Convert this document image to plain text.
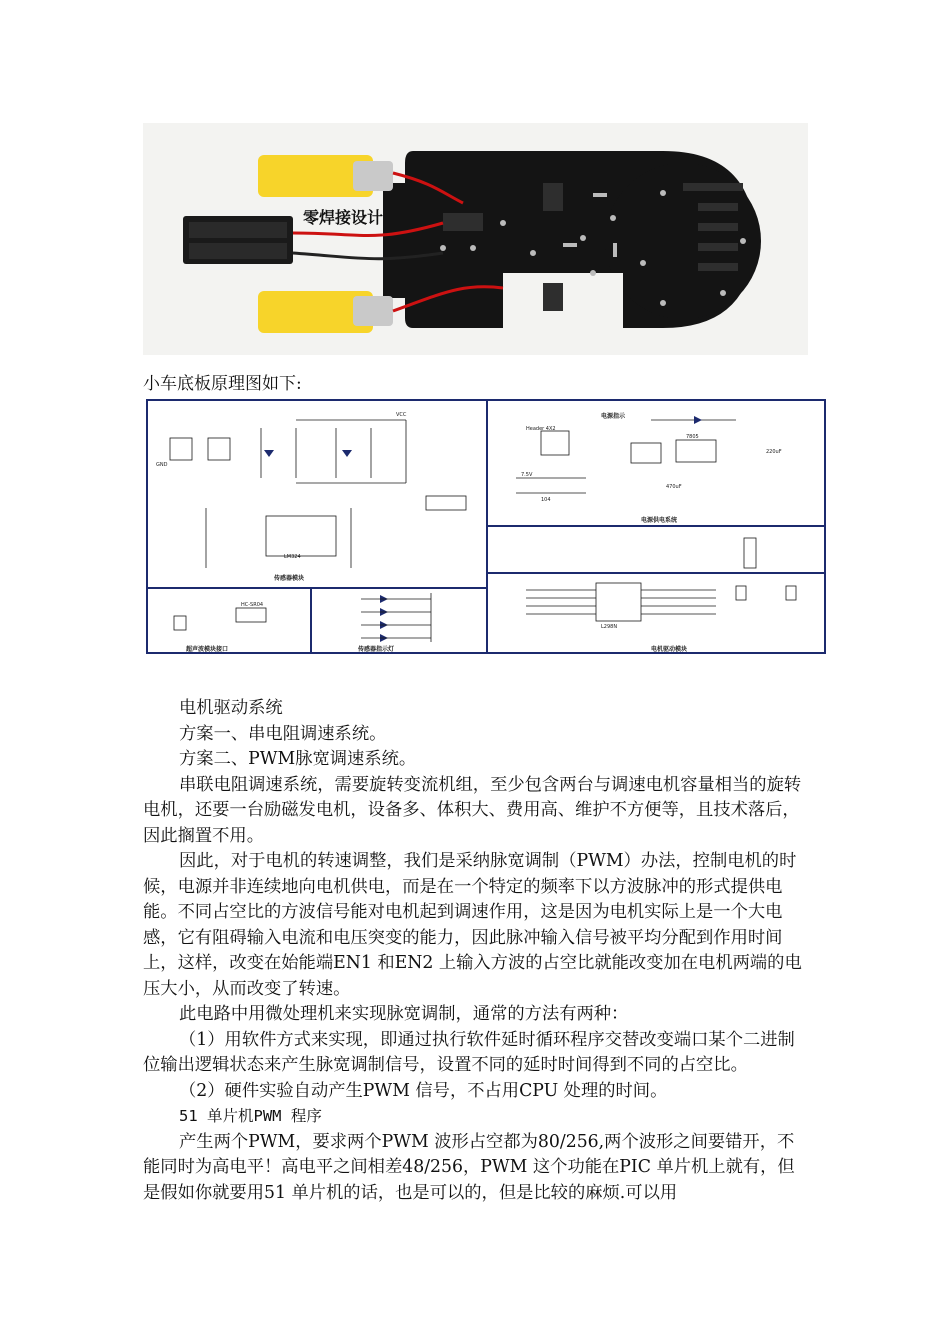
零焊接设计
小车底板原理图如下:
VCC
LM324
GND
传感器模块
电源指示
Header 4X2
7805
220uF
470uF
7.5V
104
电源供电系统
HC-SR04
超声波模块接口	传感器指示灯
L298N
电机驱动模块

电机驱动系统

方案一、串电阻调速系统。

方案二、PWM脉宽调速系统。

串联电阻调速系统，需要旋转变流机组，至少包含两台与调速电机容量相当的旋转电机，还要一台励磁发电机，设备多、体积大、费用高、维护不方便等，且技术落后，因此搁置不用。

因此，对于电机的转速调整，我们是采纳脉宽调制（PWM）办法，控制电机的时候，电源并非连续地向电机供电，而是在一个特定的频率下以方波脉冲的形式提供电能。不同占空比的方波信号能对电机起到调速作用，这是因为电机实际上是一个大电感，它有阻碍输入电流和电压突变的能力，因此脉冲输入信号被平均分配到作用时间上，这样，改变在始能端EN1 和EN2 上输入方波的占空比就能改变加在电机两端的电压大小，从而改变了转速。

此电路中用微处理机来实现脉宽调制，通常的方法有两种：

（1）用软件方式来实现，即通过执行软件延时循环程序交替改变端口某个二进制位输出逻辑状态来产生脉宽调制信号，设置不同的延时时间得到不同的占空比。

（2）硬件实验自动产生PWM 信号，不占用CPU 处理的时间。

51 单片机PWM 程序

产生两个PWM，要求两个PWM 波形占空都为80/256,两个波形之间要错开，不能同时为高电平！高电平之间相差48/256，PWM 这个功能在PIC 单片机上就有，但是假如你就要用51 单片机的话，也是可以的，但是比较的麻烦.可以用
